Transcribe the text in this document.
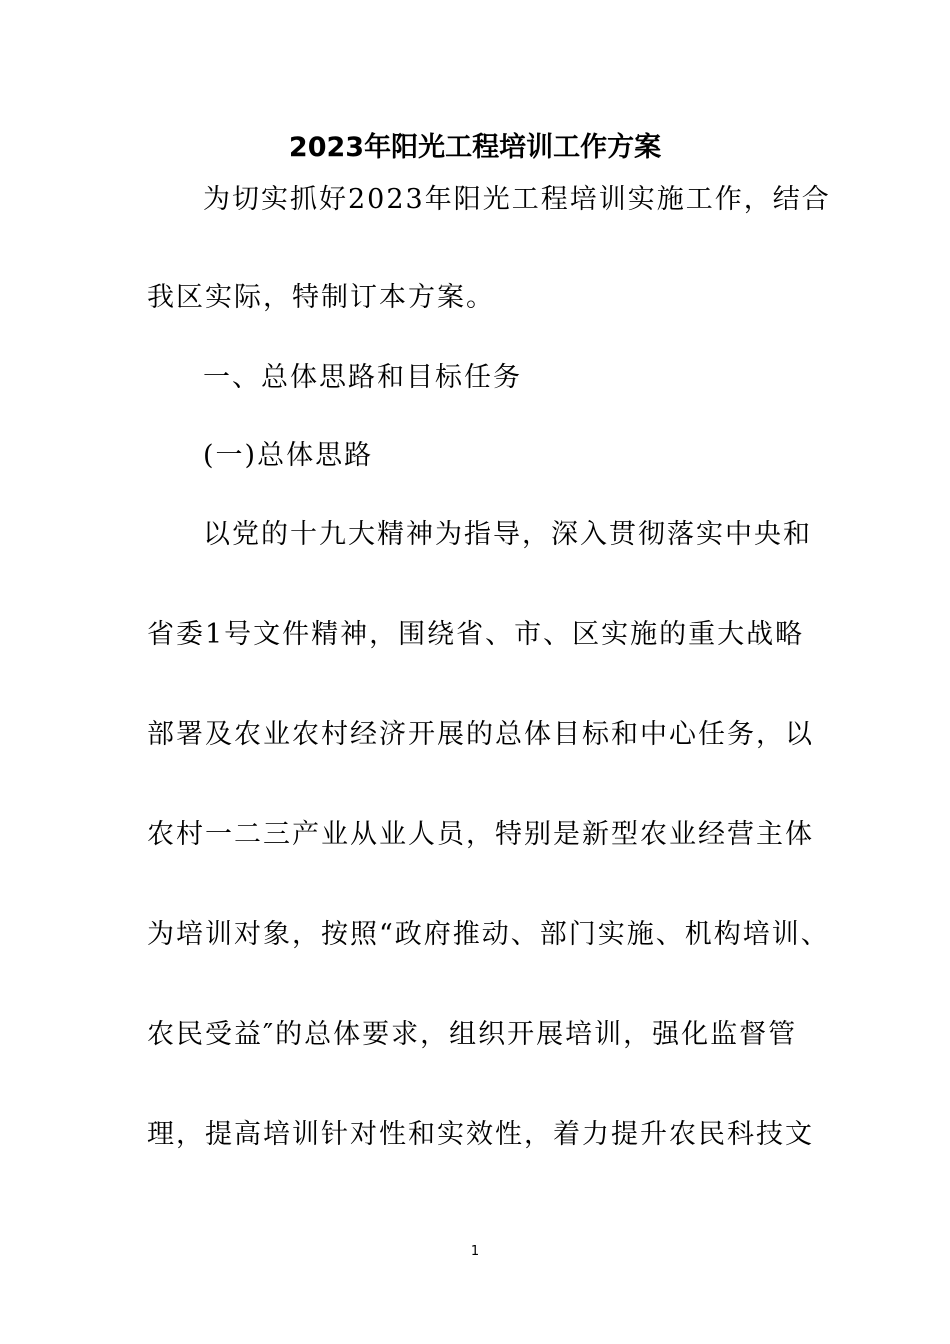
2023年阳光工程培训工作方案
为切实抓好2023年阳光工程培训实施工作，结合
我区实际，特制订本方案。
一、总体思路和目标任务
(一)总体思路
以党的十九大精神为指导，深入贯彻落实中央和
省委1号文件精神，围绕省、市、区实施的重大战略
部署及农业农村经济开展的总体目标和中心任务，以
农村一二三产业从业人员，特别是新型农业经营主体
为培训对象，按照“政府推动、部门实施、机构培训、
农民受益″的总体要求，组织开展培训，强化监督管
理，提高培训针对性和实效性，着力提升农民科技文
1
